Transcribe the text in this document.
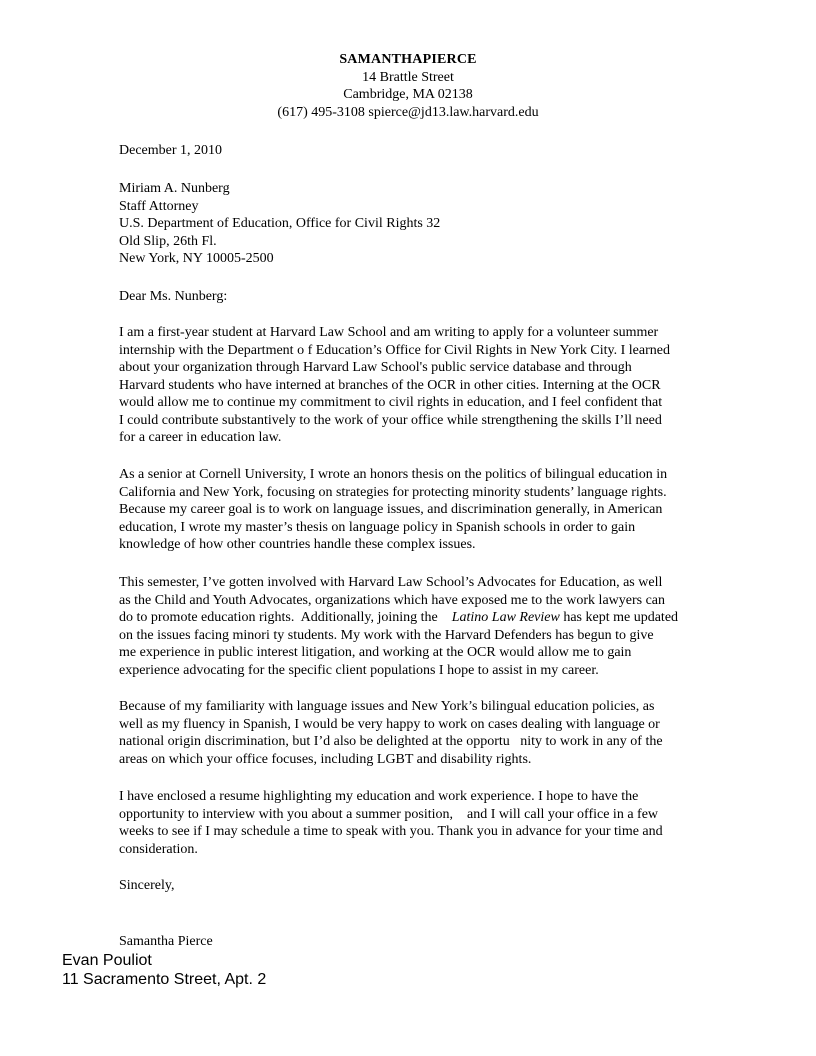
SAMANTHAPIERCE
14 Brattle Street
Cambridge, MA 02138
(617) 495-3108 spierce@jd13.law.harvard.edu
December 1, 2010
Miriam A. Nunberg
Staff Attorney
U.S. Department of Education, Office for Civil Rights 32
Old Slip, 26th Fl.
New York, NY 10005-2500
Dear Ms. Nunberg:
I am a first-year student at Harvard Law School and am writing to apply for a volunteer summer
internship with the Department o f Education’s Office for Civil Rights in New York City. I learned
about your organization through Harvard Law School's public service database and through
Harvard students who have interned at branches of the OCR in other cities. Interning at the OCR
would allow me to continue my commitment to civil rights in education, and I feel confident that
I could contribute substantively to the work of your office while strengthening the skills I’ll need
for a career in education law.
As a senior at Cornell University, I wrote an honors thesis on the politics of bilingual education in
California and New York, focusing on strategies for protecting minority students’ language rights.
Because my career goal is to work on language issues, and discrimination generally, in American
education, I wrote my master’s thesis on language policy in Spanish schools in order to gain
knowledge of how other countries handle these complex issues.
This semester, I’ve gotten involved with Harvard Law School’s Advocates for Education, as well
as the Child and Youth Advocates, organizations which have exposed me to the work lawyers can
do to promote education rights.  Additionally, joining the    Latino Law Review has kept me updated
on the issues facing minori ty students. My work with the Harvard Defenders has begun to give
me experience in public interest litigation, and working at the OCR would allow me to gain
experience advocating for the specific client populations I hope to assist in my career.
Because of my familiarity with language issues and New York’s bilingual education policies, as
well as my fluency in Spanish, I would be very happy to work on cases dealing with language or
national origin discrimination, but I’d also be delighted at the opportu   nity to work in any of the
areas on which your office focuses, including LGBT and disability rights.
I have enclosed a resume highlighting my education and work experience. I hope to have the
opportunity to interview with you about a summer position,    and I will call your office in a few
weeks to see if I may schedule a time to speak with you. Thank you in advance for your time and
consideration.
Sincerely,
Samantha Pierce
Evan Pouliot
11 Sacramento Street, Apt. 2
